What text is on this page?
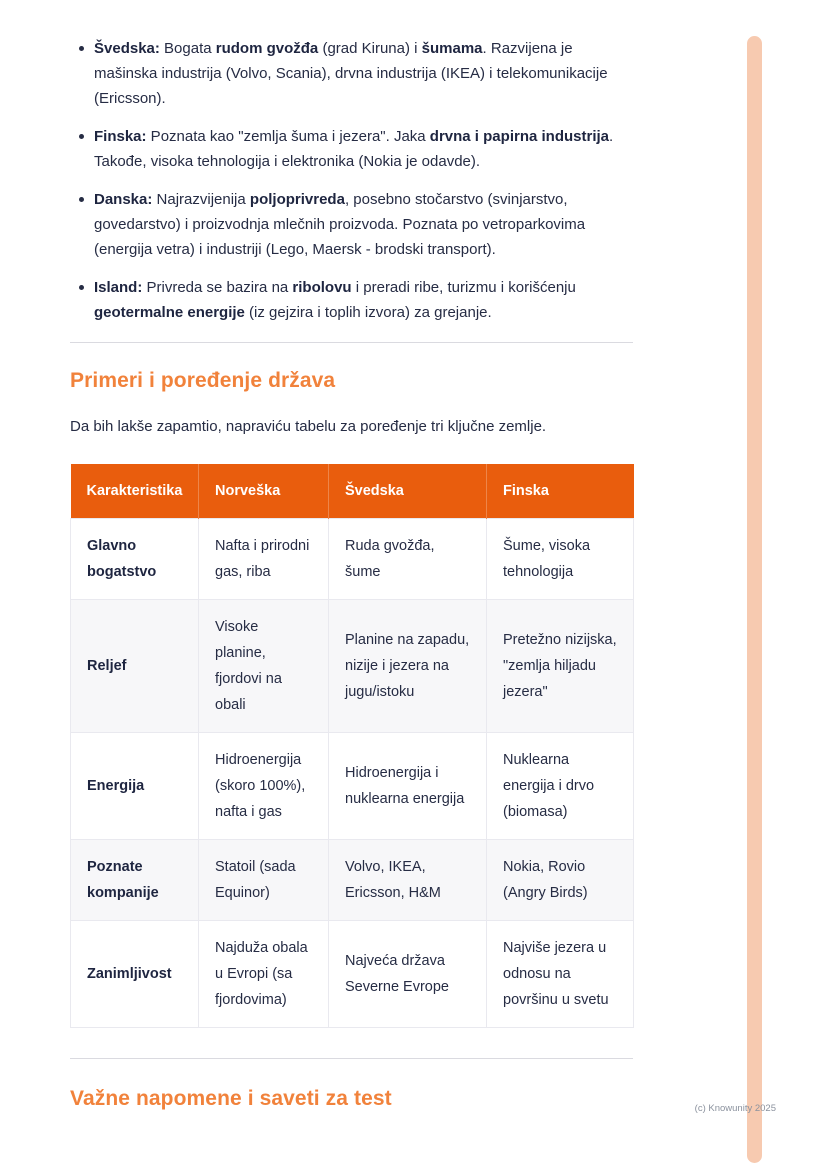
Švedska: Bogata rudom gvožđa (grad Kiruna) i šumama. Razvijena je mašinska industrija (Volvo, Scania), drvna industrija (IKEA) i telekomunikacije (Ericsson).
Finska: Poznata kao "zemlja šuma i jezera". Jaka drvna i papirna industrija. Takođe, visoka tehnologija i elektronika (Nokia je odavde).
Danska: Najrazvijenija poljoprivreda, posebno stočarstvo (svinjarstvo, govedarstvo) i proizvodnja mlečnih proizvoda. Poznata po vetroparkovima (energija vetra) i industriji (Lego, Maersk - brodski transport).
Island: Privreda se bazira na ribolovu i preradi ribe, turizmu i korišćenju geotermalne energije (iz gejzira i toplih izvora) za grejanje.
Primeri i poređenje država

Da bih lakše zapamtio, napraviću tabelu za poređenje tri ključne zemlje.

Karakteristika	Norveška	Švedska	Finska
Glavno bogatstvo	Nafta i prirodni gas, riba	Ruda gvožđa, šume	Šume, visoka tehnologija
Reljef	Visoke planine, fjordovi na obali	Planine na zapadu, nizije i jezera na jugu/istoku	Pretežno nizijska, "zemlja hiljadu jezera"
Energija	Hidroenergija (skoro 100%), nafta i gas	Hidroenergija i nuklearna energija	Nuklearna energija i drvo (biomasa)
Poznate kompanije	Statoil (sada Equinor)	Volvo, IKEA, Ericsson, H&M	Nokia, Rovio (Angry Birds)
Zanimljivost	Najduža obala u Evropi (sa fjordovima)	Najveća država Severne Evrope	Najviše jezera u odnosu na površinu u svetu
Važne napomene i saveti za test	(c) Knowunity 2025
